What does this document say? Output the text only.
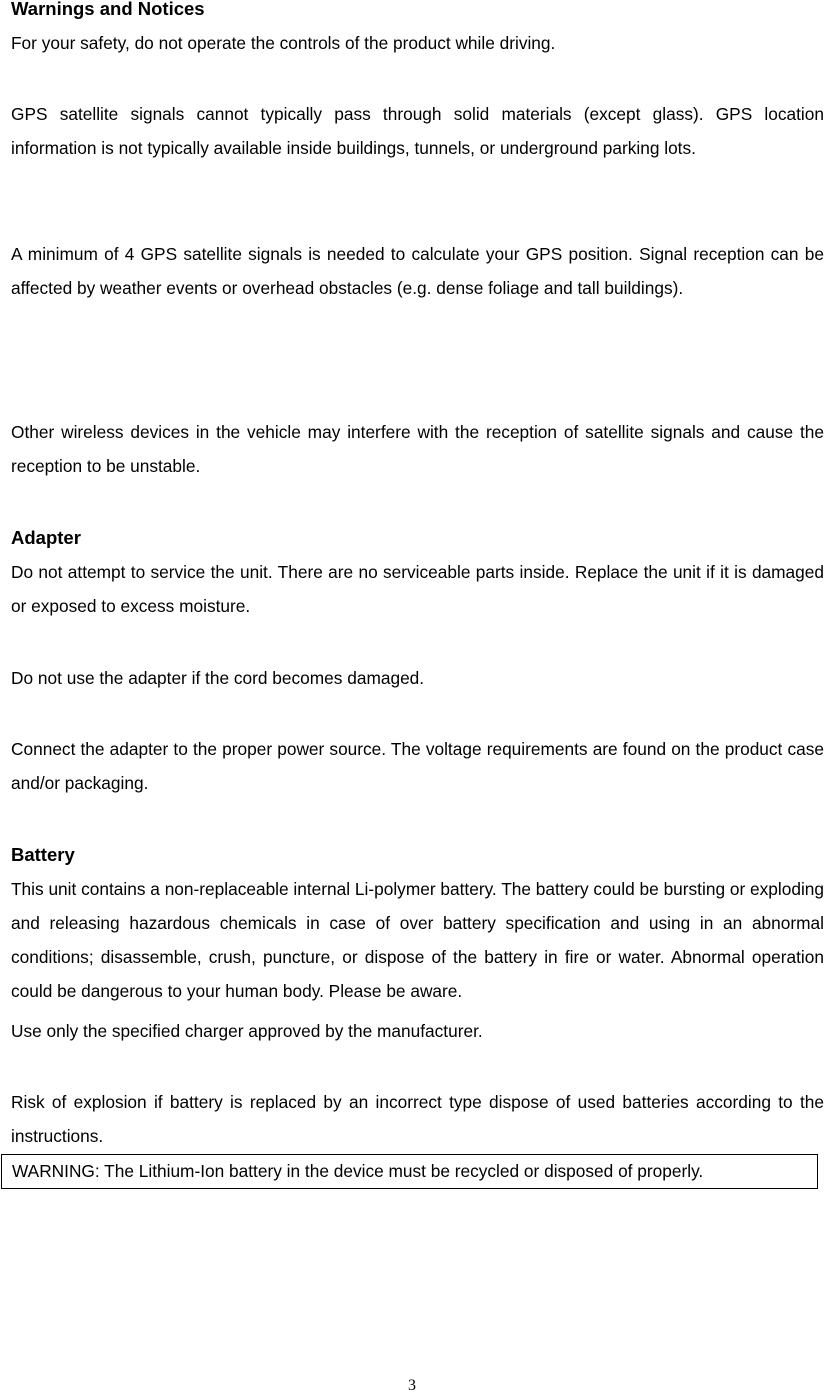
Warnings and Notices

For your safety, do not operate the controls of the product while driving.

GPS satellite signals cannot typically pass through solid materials (except glass). GPS location information is not typically available inside buildings, tunnels, or underground parking lots.

A minimum of 4 GPS satellite signals is needed to calculate your GPS position. Signal reception can be affected by weather events or overhead obstacles (e.g. dense foliage and tall buildings).

Other wireless devices in the vehicle may interfere with the reception of satellite signals and cause the reception to be unstable.

Adapter

Do not attempt to service the unit. There are no serviceable parts inside. Replace the unit if it is damaged or exposed to excess moisture.

Do not use the adapter if the cord becomes damaged.

Connect the adapter to the proper power source. The voltage requirements are found on the product case and/or packaging.

Battery

This unit contains a non-replaceable internal Li-polymer battery. The battery could be bursting or exploding and releasing hazardous chemicals in case of over battery specification and using in an abnormal conditions; disassemble, crush, puncture, or dispose of the battery in fire or water. Abnormal operation could be dangerous to your human body. Please be aware.

Use only the specified charger approved by the manufacturer.

Risk of explosion if battery is replaced by an incorrect type dispose of used batteries according to the instructions.

WARNING: The Lithium-Ion battery in the device must be recycled or disposed of properly.
3
